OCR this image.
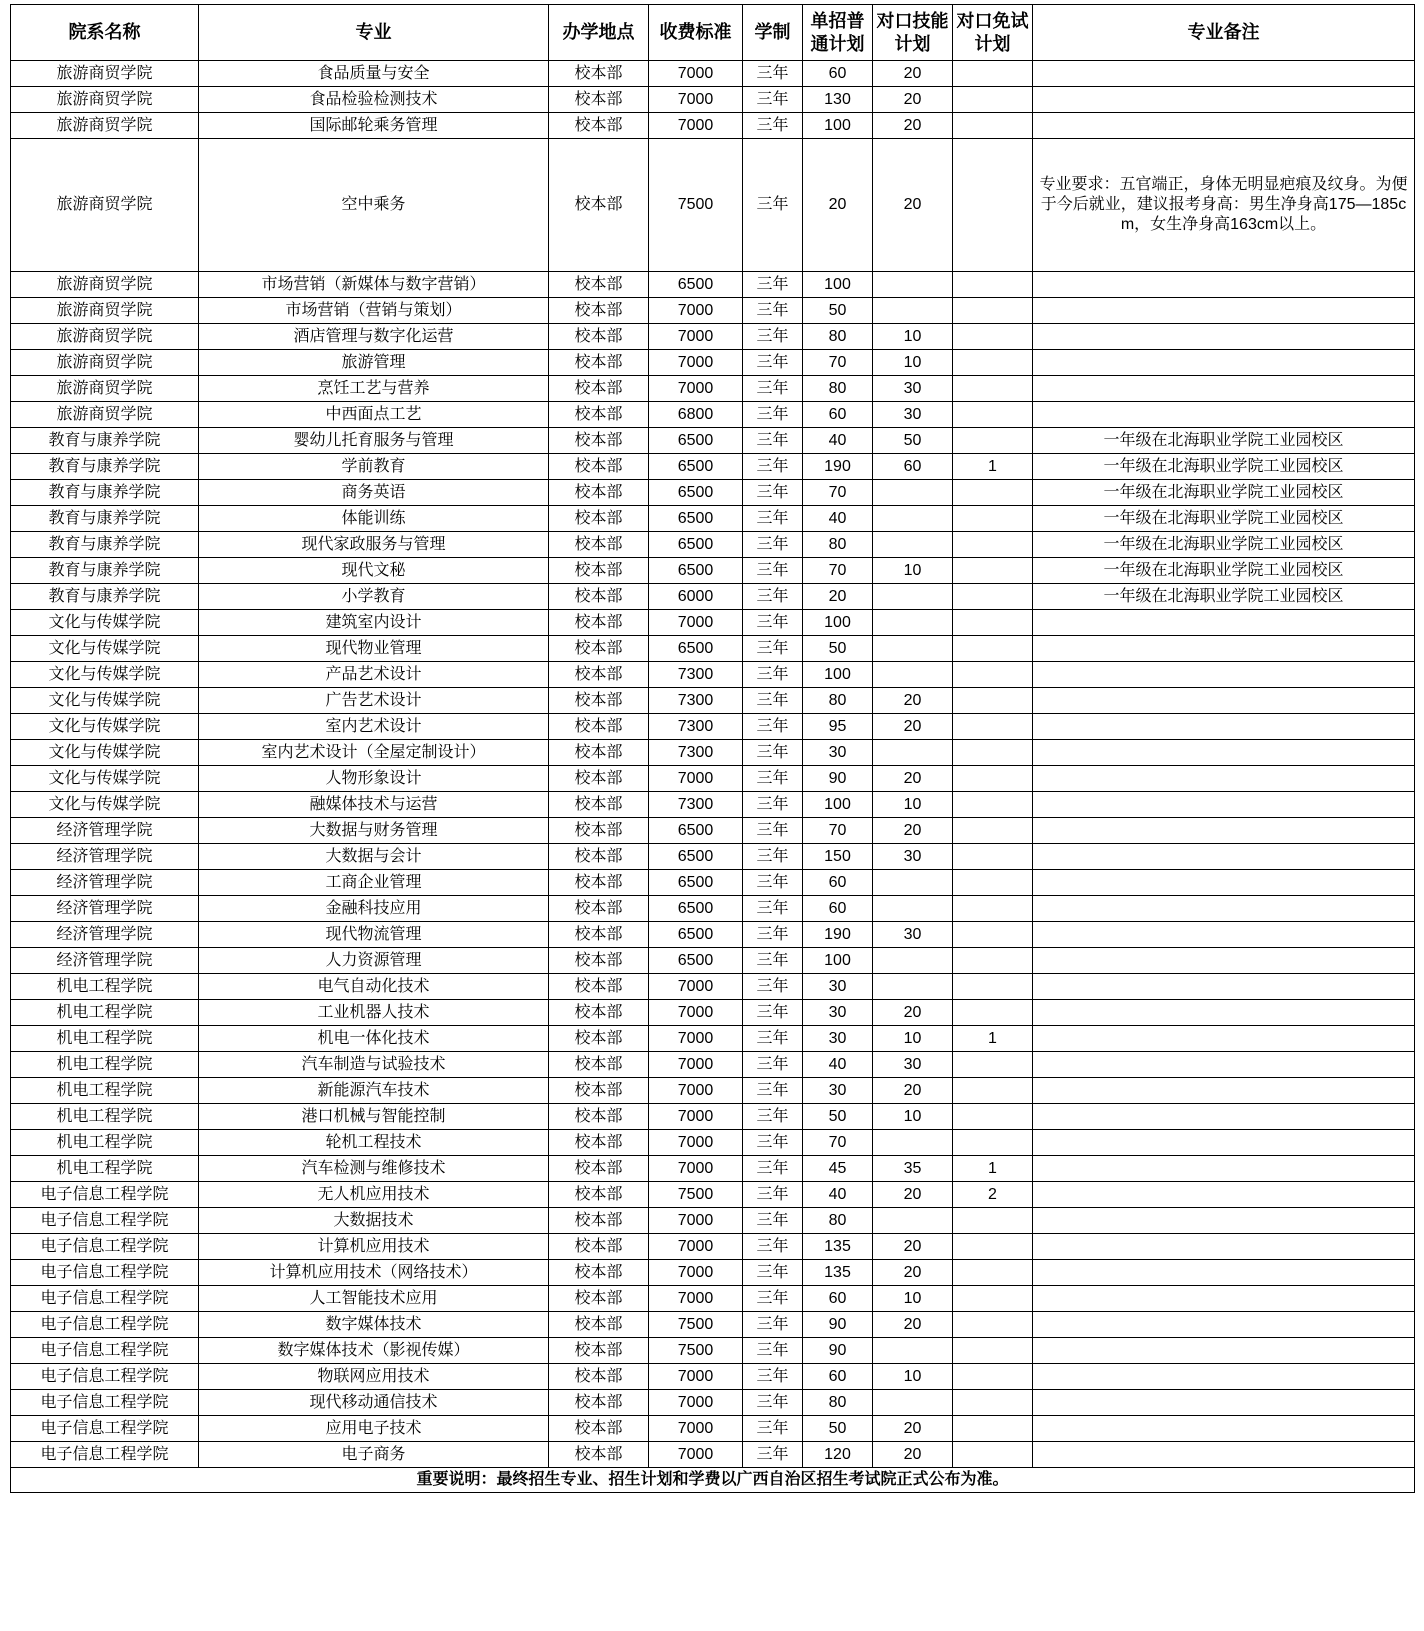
院系名称	专业	办学地点	收费标准	学制	单招普通计划	对口技能计划	对口免试计划	专业备注
旅游商贸学院	食品质量与安全	校本部	7000	三年	60	20		
旅游商贸学院	食品检验检测技术	校本部	7000	三年	130	20		
旅游商贸学院	国际邮轮乘务管理	校本部	7000	三年	100	20		
旅游商贸学院	空中乘务	校本部	7500	三年	20	20		专业要求：五官端正，身体无明显疤痕及纹身。为便于今后就业，建议报考身高：男生净身高175—185cm，女生净身高163cm以上。
旅游商贸学院	市场营销（新媒体与数字营销）	校本部	6500	三年	100			
旅游商贸学院	市场营销（营销与策划）	校本部	7000	三年	50			
旅游商贸学院	酒店管理与数字化运营	校本部	7000	三年	80	10		
旅游商贸学院	旅游管理	校本部	7000	三年	70	10		
旅游商贸学院	烹饪工艺与营养	校本部	7000	三年	80	30		
旅游商贸学院	中西面点工艺	校本部	6800	三年	60	30		
教育与康养学院	婴幼儿托育服务与管理	校本部	6500	三年	40	50		一年级在北海职业学院工业园校区
教育与康养学院	学前教育	校本部	6500	三年	190	60	1	一年级在北海职业学院工业园校区
教育与康养学院	商务英语	校本部	6500	三年	70			一年级在北海职业学院工业园校区
教育与康养学院	体能训练	校本部	6500	三年	40			一年级在北海职业学院工业园校区
教育与康养学院	现代家政服务与管理	校本部	6500	三年	80			一年级在北海职业学院工业园校区
教育与康养学院	现代文秘	校本部	6500	三年	70	10		一年级在北海职业学院工业园校区
教育与康养学院	小学教育	校本部	6000	三年	20			一年级在北海职业学院工业园校区
文化与传媒学院	建筑室内设计	校本部	7000	三年	100			
文化与传媒学院	现代物业管理	校本部	6500	三年	50			
文化与传媒学院	产品艺术设计	校本部	7300	三年	100			
文化与传媒学院	广告艺术设计	校本部	7300	三年	80	20		
文化与传媒学院	室内艺术设计	校本部	7300	三年	95	20		
文化与传媒学院	室内艺术设计（全屋定制设计）	校本部	7300	三年	30			
文化与传媒学院	人物形象设计	校本部	7000	三年	90	20		
文化与传媒学院	融媒体技术与运营	校本部	7300	三年	100	10		
经济管理学院	大数据与财务管理	校本部	6500	三年	70	20		
经济管理学院	大数据与会计	校本部	6500	三年	150	30		
经济管理学院	工商企业管理	校本部	6500	三年	60			
经济管理学院	金融科技应用	校本部	6500	三年	60			
经济管理学院	现代物流管理	校本部	6500	三年	190	30		
经济管理学院	人力资源管理	校本部	6500	三年	100			
机电工程学院	电气自动化技术	校本部	7000	三年	30			
机电工程学院	工业机器人技术	校本部	7000	三年	30	20		
机电工程学院	机电一体化技术	校本部	7000	三年	30	10	1	
机电工程学院	汽车制造与试验技术	校本部	7000	三年	40	30		
机电工程学院	新能源汽车技术	校本部	7000	三年	30	20		
机电工程学院	港口机械与智能控制	校本部	7000	三年	50	10		
机电工程学院	轮机工程技术	校本部	7000	三年	70			
机电工程学院	汽车检测与维修技术	校本部	7000	三年	45	35	1	
电子信息工程学院	无人机应用技术	校本部	7500	三年	40	20	2	
电子信息工程学院	大数据技术	校本部	7000	三年	80			
电子信息工程学院	计算机应用技术	校本部	7000	三年	135	20		
电子信息工程学院	计算机应用技术（网络技术）	校本部	7000	三年	135	20		
电子信息工程学院	人工智能技术应用	校本部	7000	三年	60	10		
电子信息工程学院	数字媒体技术	校本部	7500	三年	90	20		
电子信息工程学院	数字媒体技术（影视传媒）	校本部	7500	三年	90			
电子信息工程学院	物联网应用技术	校本部	7000	三年	60	10		
电子信息工程学院	现代移动通信技术	校本部	7000	三年	80			
电子信息工程学院	应用电子技术	校本部	7000	三年	50	20		
电子信息工程学院	电子商务	校本部	7000	三年	120	20		
重要说明：最终招生专业、招生计划和学费以广西自治区招生考试院正式公布为准。								
